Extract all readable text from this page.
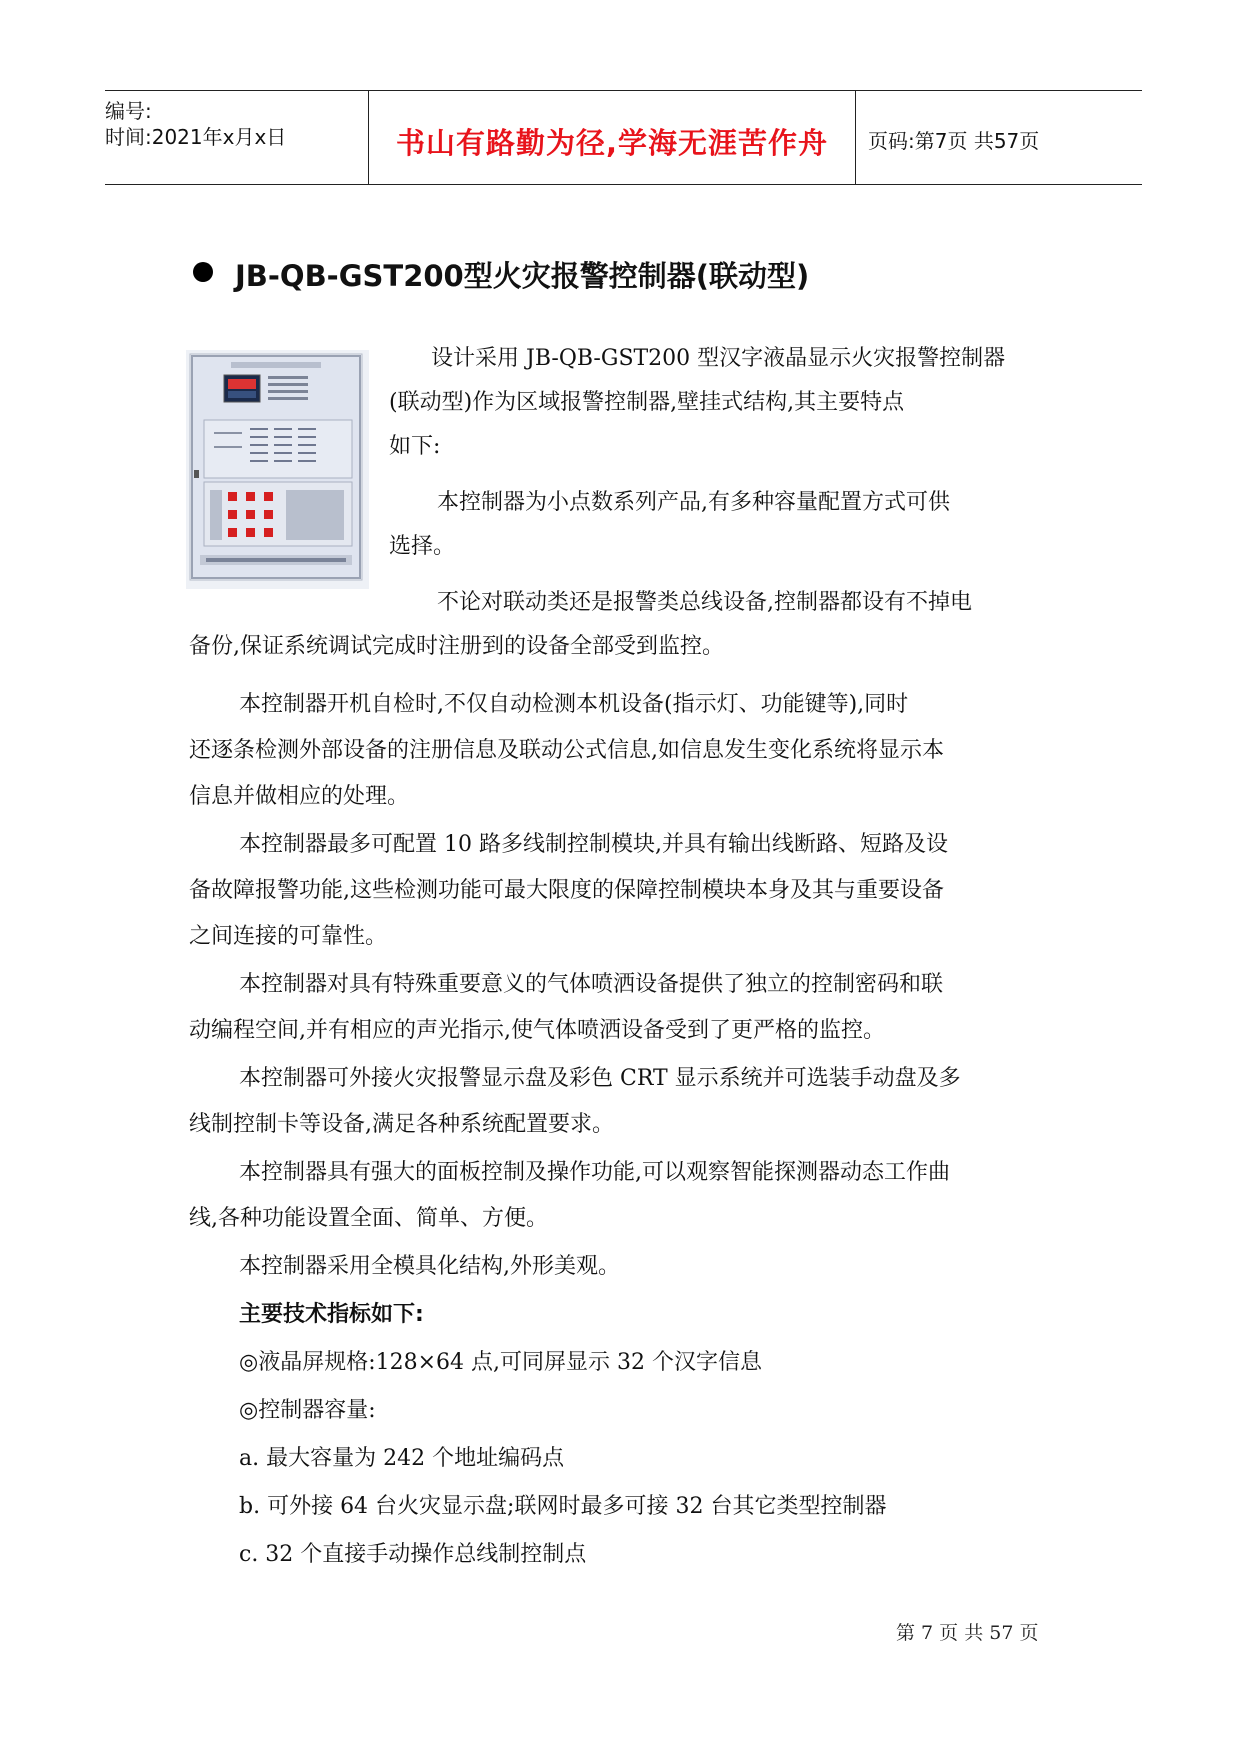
编号:
时间:2021年x月x日	书山有路勤为径,学海无涯苦作舟	页码:第7页 共57页
JB-QB-GST200型火灾报警控制器(联动型)
设计采用 JB-QB-GST200 型汉字液晶显示火灾报警控制器
(联动型)作为区域报警控制器,壁挂式结构,其主要特点
如下:
本控制器为小点数系列产品,有多种容量配置方式可供
选择。
不论对联动类还是报警类总线设备,控制器都设有不掉电
备份,保证系统调试完成时注册到的设备全部受到监控。
本控制器开机自检时,不仅自动检测本机设备(指示灯、功能键等),同时
还逐条检测外部设备的注册信息及联动公式信息,如信息发生变化系统将显示本
信息并做相应的处理。
本控制器最多可配置 10 路多线制控制模块,并具有输出线断路、短路及设
备故障报警功能,这些检测功能可最大限度的保障控制模块本身及其与重要设备
之间连接的可靠性。
本控制器对具有特殊重要意义的气体喷洒设备提供了独立的控制密码和联
动编程空间,并有相应的声光指示,使气体喷洒设备受到了更严格的监控。
本控制器可外接火灾报警显示盘及彩色 CRT 显示系统并可选装手动盘及多
线制控制卡等设备,满足各种系统配置要求。
本控制器具有强大的面板控制及操作功能,可以观察智能探测器动态工作曲
线,各种功能设置全面、简单、方便。
本控制器采用全模具化结构,外形美观。
主要技术指标如下:
◎液晶屏规格:128×64 点,可同屏显示 32 个汉字信息
◎控制器容量:
a. 最大容量为 242 个地址编码点
b. 可外接 64 台火灾显示盘;联网时最多可接 32 台其它类型控制器
c. 32 个直接手动操作总线制控制点
第 7 页 共 57 页
